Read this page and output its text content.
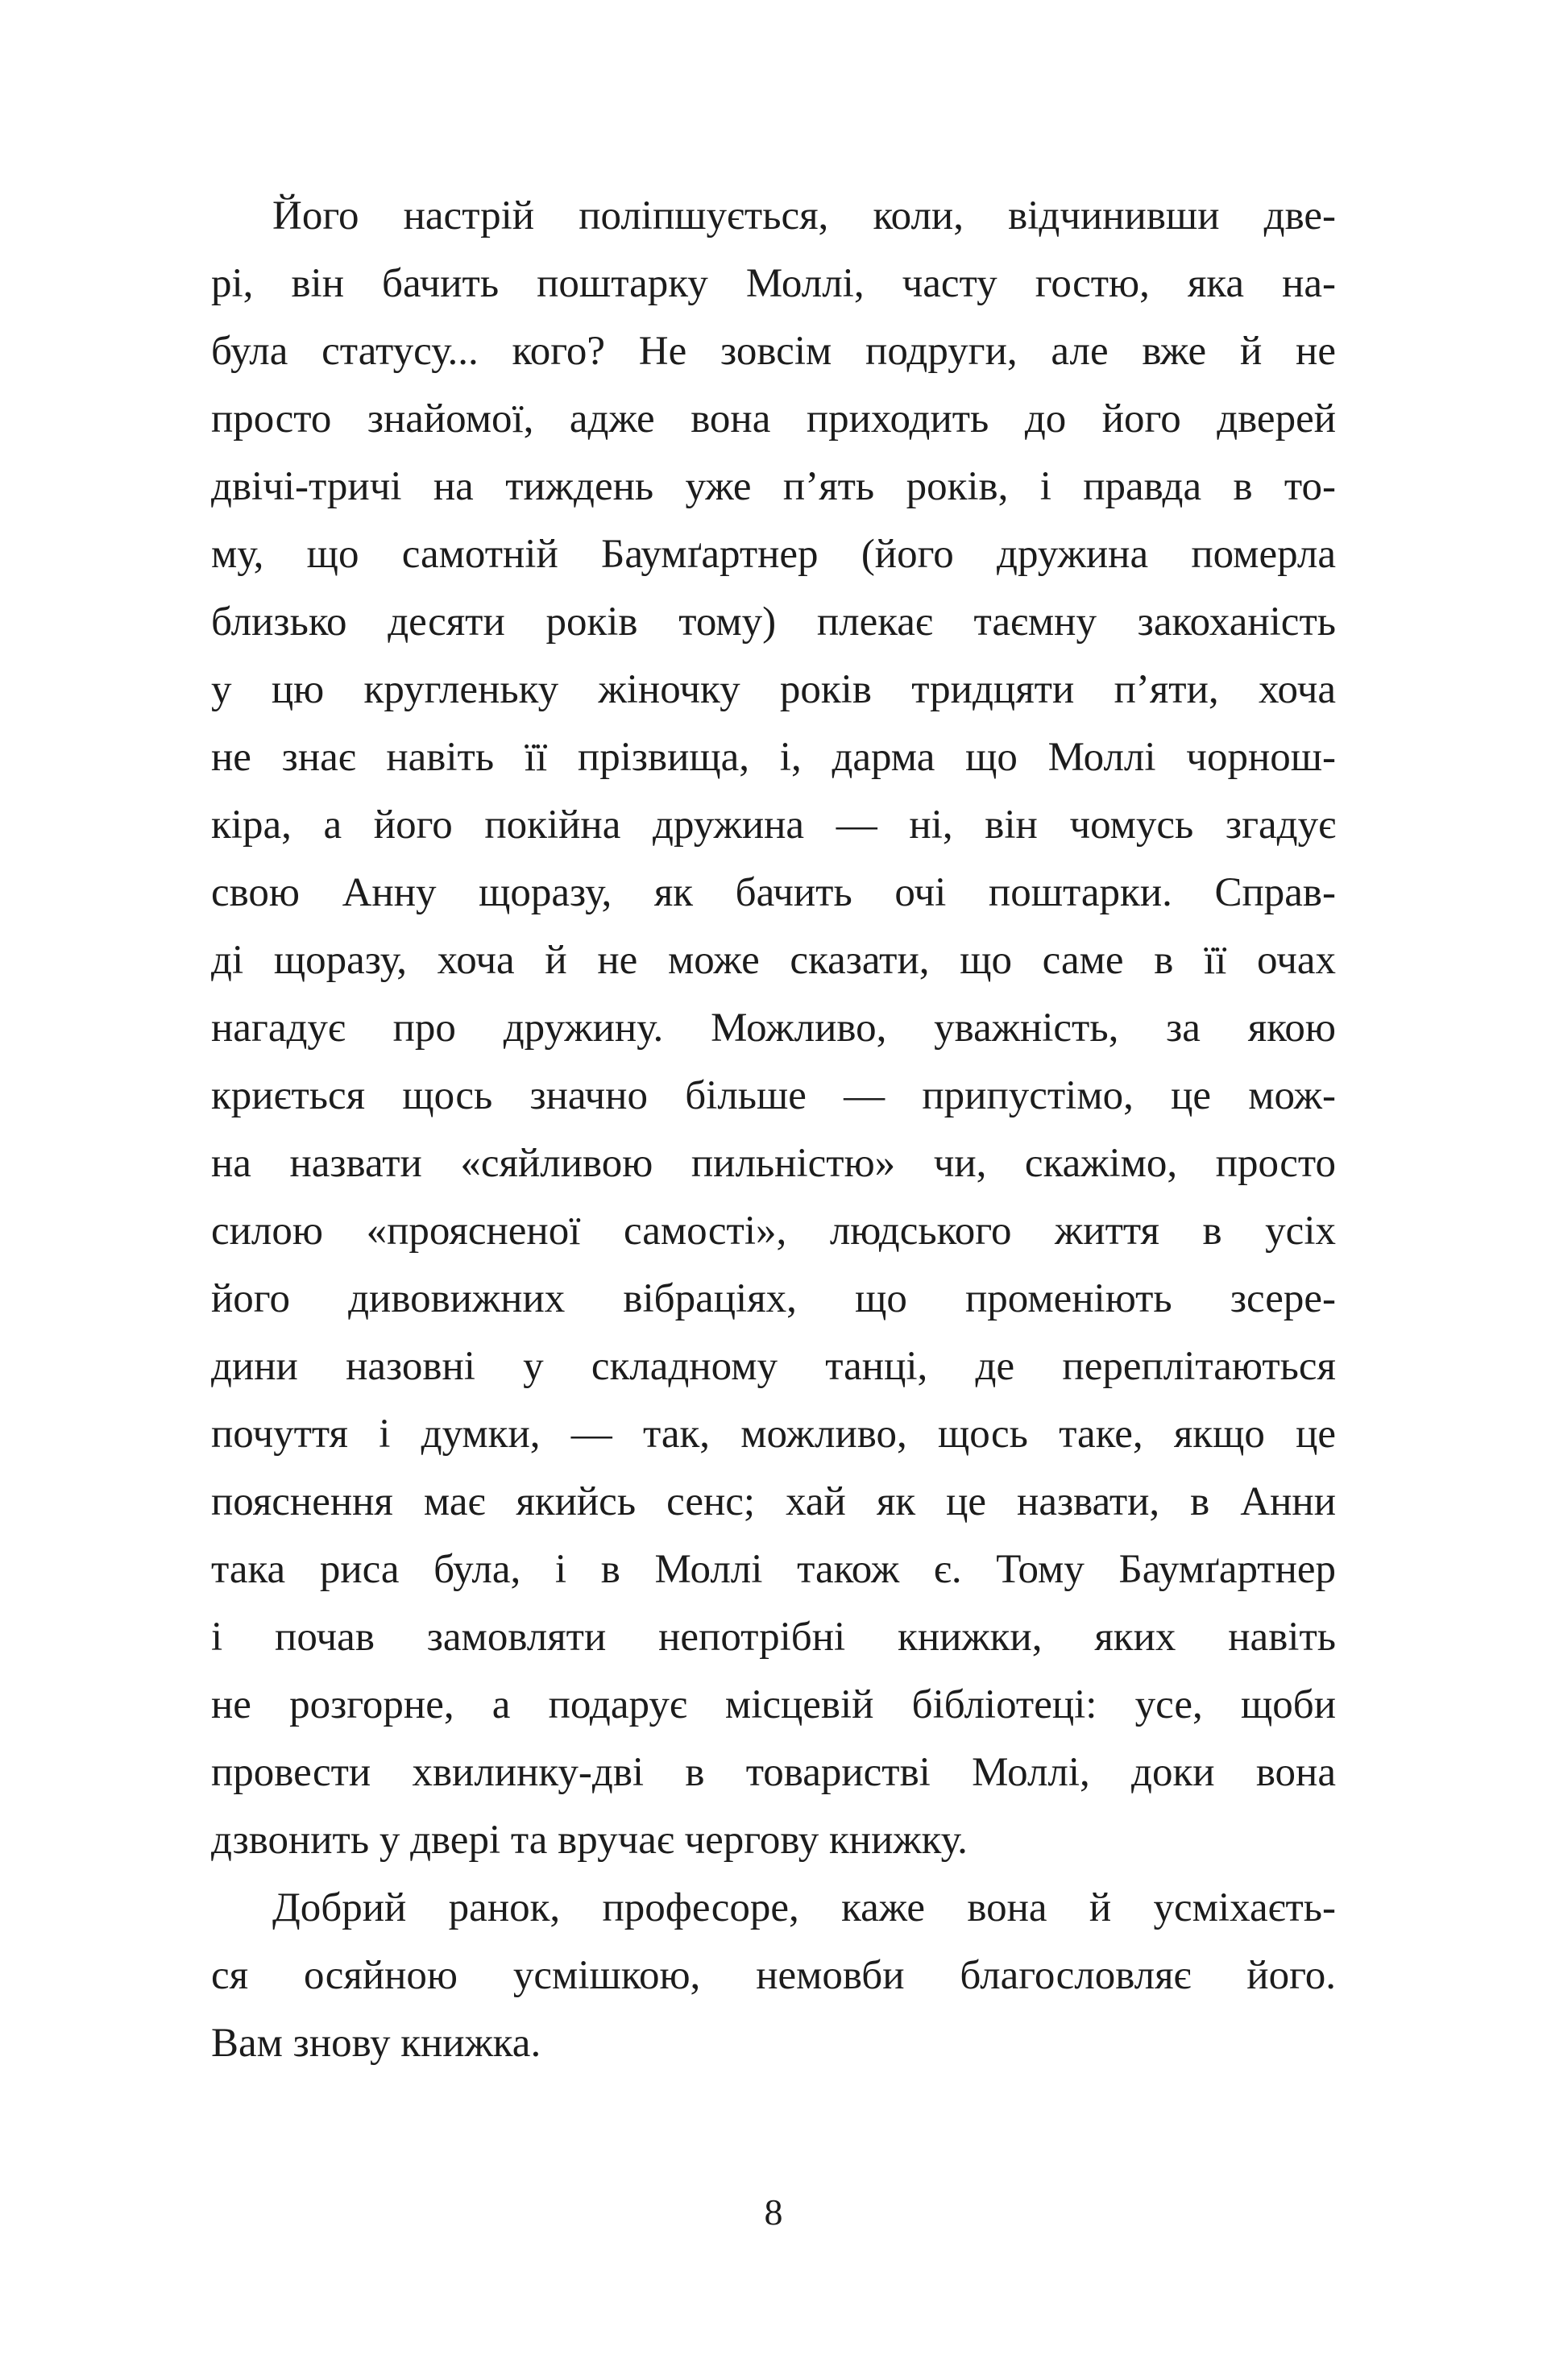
Його настрій поліпшується, коли, відчинивши две-
рі, він бачить поштарку Моллі, часту гостю, яка на-
була статусу... кого? Не зовсім подруги, але вже й не
просто знайомої, адже вона приходить до його дверей
двічі-тричі на тиждень уже п’ять років, і правда в то-
му, що самотній Баумґартнер (його дружина померла
близько десяти років тому) плекає таємну закоханість
у цю кругленьку жіночку років тридцяти п’яти, хоча
не знає навіть її прізвища, і, дарма що Моллі чорнош-
кіра, а його покійна дружина — ні, він чомусь згадує
свою Анну щоразу, як бачить очі поштарки. Справ-
ді щоразу, хоча й не може сказати, що саме в її очах
нагадує про дружину. Можливо, уважність, за якою
криється щось значно більше — припустімо, це мож-
на назвати «сяйливою пильністю» чи, скажімо, просто
силою «проясненої самості», людського життя в усіх
його дивовижних вібраціях, що променіють зсере-
дини назовні у складному танці, де переплітаються
почуття і думки, — так, можливо, щось таке, якщо це
пояснення має якийсь сенс; хай як це назвати, в Анни
така риса була, і в Моллі також є. Тому Баумґартнер
і почав замовляти непотрібні книжки, яких навіть
не розгорне, а подарує місцевій бібліотеці: усе, щоби
провести хвилинку-дві в товаристві Моллі, доки вона
дзвонить у двері та вручає чергову книжку.
Добрий ранок, професоре, каже вона й усміхаєть-
ся осяйною усмішкою, немовби благословляє його.
Вам знову книжка.
8
